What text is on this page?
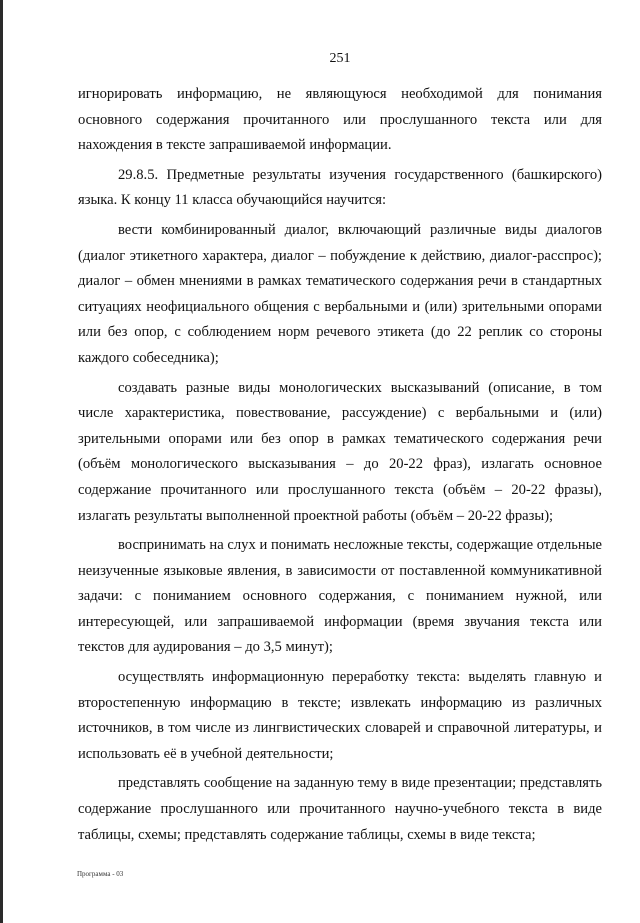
251

игнорировать информацию, не являющуюся необходимой для понимания основного содержания прочитанного или прослушанного текста или для нахождения в тексте запрашиваемой информации.

29.8.5. Предметные результаты изучения государственного (башкирского) языка. К концу 11 класса обучающийся научится:

вести комбинированный диалог, включающий различные виды диалогов (диалог этикетного характера, диалог – побуждение к действию, диалог-расспрос); диалог – обмен мнениями в рамках тематического содержания речи в стандартных ситуациях неофициального общения с вербальными и (или) зрительными опорами или без опор, с соблюдением норм речевого этикета (до 22 реплик со стороны каждого собеседника);

создавать разные виды монологических высказываний (описание, в том числе характеристика, повествование, рассуждение) с вербальными и (или) зрительными опорами или без опор в рамках тематического содержания речи (объём монологического высказывания – до 20-22 фраз), излагать основное содержание прочитанного или прослушанного текста (объём – 20-22 фразы), излагать результаты выполненной проектной работы (объём – 20-22 фразы);

воспринимать на слух и понимать несложные тексты, содержащие отдельные неизученные языковые явления, в зависимости от поставленной коммуникативной задачи: с пониманием основного содержания, с пониманием нужной, или интересующей, или запрашиваемой информации (время звучания текста или текстов для аудирования – до 3,5 минут);

осуществлять информационную переработку текста: выделять главную и второстепенную информацию в тексте; извлекать информацию из различных источников, в том числе из лингвистических словарей и справочной литературы, и использовать её в учебной деятельности;

представлять сообщение на заданную тему в виде презентации; представлять содержание прослушанного или прочитанного научно-учебного текста в виде таблицы, схемы; представлять содержание таблицы, схемы в виде текста;

Программа - 03
